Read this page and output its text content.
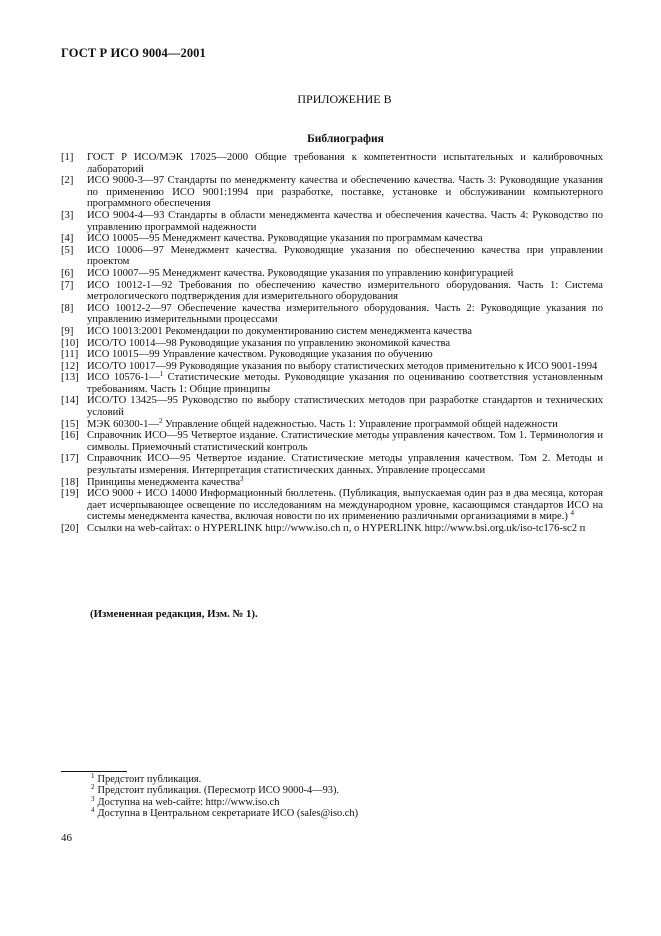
ГОСТ Р ИСО 9004—2001
ПРИЛОЖЕНИЕ В
Библиография
[1]	ГОСТ Р ИСО/МЭК 17025—2000 Общие требования к компетентности испытательных и калибровочных лабораторий
[2]	ИСО 9000-3—97 Стандарты по менеджменту качества и обеспечению качества. Часть 3: Руководящие указания по применению ИСО 9001:1994 при разработке, поставке, установке и обслуживании компьютерного программного обеспечения
[3]	ИСО 9004-4—93 Стандарты в области менеджмента качества и обеспечения качества. Часть 4: Руководство по управлению программой надежности
[4]	ИСО 10005—95 Менеджмент качества. Руководящие указания по программам качества
[5]	ИСО 10006—97 Менеджмент качества. Руководящие указания по обеспечению качества при управлении проектом
[6]	ИСО 10007—95 Менеджмент качества. Руководящие указания по управлению конфигурацией
[7]	ИСО 10012-1—92 Требования по обеспечению качество измерительного оборудования. Часть 1: Система метрологического подтверждения для измерительного оборудования
[8]	ИСО 10012-2—97 Обеспечение качества измерительного оборудования. Часть 2: Руководящие указания по управлению измерительными процессами
[9]	ИСО 10013:2001 Рекомендации по документированию систем менеджмента качества
[10] ИСО/ТО 10014—98 Руководящие указания по управлению экономикой качества
[11] ИСО 10015—99 Управление качеством. Руководящие указания по обучению
[12] ИСО/ТО 10017—99 Руководящие указания по выбору статистических методов применительно к ИСО 9001-1994
[13] ИСО 10576-1—$^1$ Статистические методы. Руководящие указания по оцениванию соответствия установленным требованиям. Часть 1: Общие принципы
[14] ИСО/ТО 13425—95 Руководство по выбору статистических методов при разработке стандартов и технических условий
[15] МЭК 60300-1—$^2$ Управление общей надежностью. Часть 1: Управление программой общей надежности
[16] Справочник ИСО—95 Четвертое издание. Статистические методы управления качеством. Том 1. Терминология и символы. Приемочный статистический контроль
[17] Справочник ИСО—95 Четвертое издание. Статистические методы управления качеством. Том 2. Методы и результаты измерения. Интерпретация статистических данных. Управление процессами
[18] Принципы менеджмента качества$^3$
[19] ИСО 9000 + ИСО 14000 Информационный бюллетень. (Публикация, выпускаемая один раз в два месяца, которая дает исчерпывающее освещение по исследованиям на международном уровне, касающимся стандартов ИСО на системы менеджмента качества, включая новости по их применению различными организациями в мире.) $^4$
[20] Ссылки на web-сайтах: о HYPERLINK http://www.iso.ch п, о HYPERLINK http://www.bsi.org.uk/iso-tc176-sc2 п
(Измененная редакция, Изм. № 1).
$^1$ Предстоит публикация.
$^2$ Предстоит публикация. (Пересмотр ИСО 9000-4—93).
$^3$ Доступна на web-сайте: http://www.iso.ch
$^4$ Доступна в Центральном секретариате ИСО (sales@iso.ch)
46
